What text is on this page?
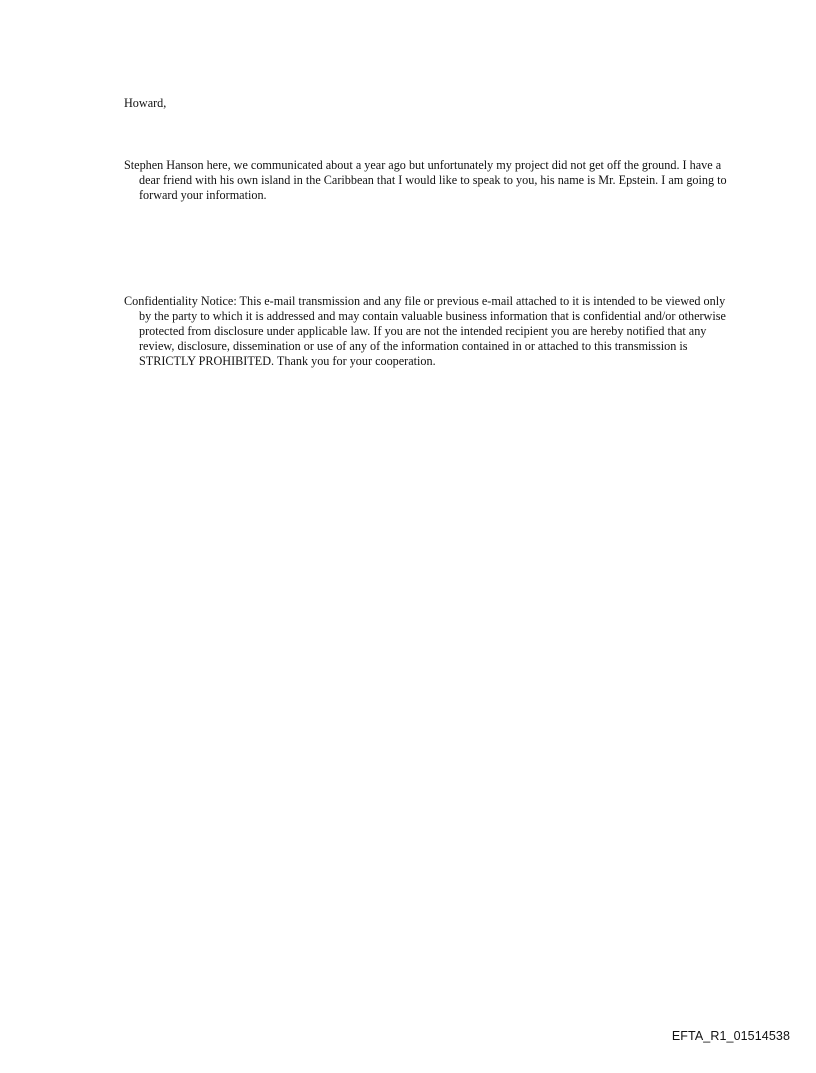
Howard,

Stephen Hanson here, we communicated about a year ago but unfortunately my project did not get off the ground. I have a dear friend with his own island in the Caribbean that I would like to speak to you, his name is Mr. Epstein. I am going to forward your information.

Confidentiality Notice: This e-mail transmission and any file or previous e-mail attached to it is intended to be viewed only by the party to which it is addressed and may contain valuable business information that is confidential and/or otherwise protected from disclosure under applicable law. If you are not the intended recipient you are hereby notified that any review, disclosure, dissemination or use of any of the information contained in or attached to this transmission is STRICTLY PROHIBITED. Thank you for your cooperation.

EFTA_R1_01514538
